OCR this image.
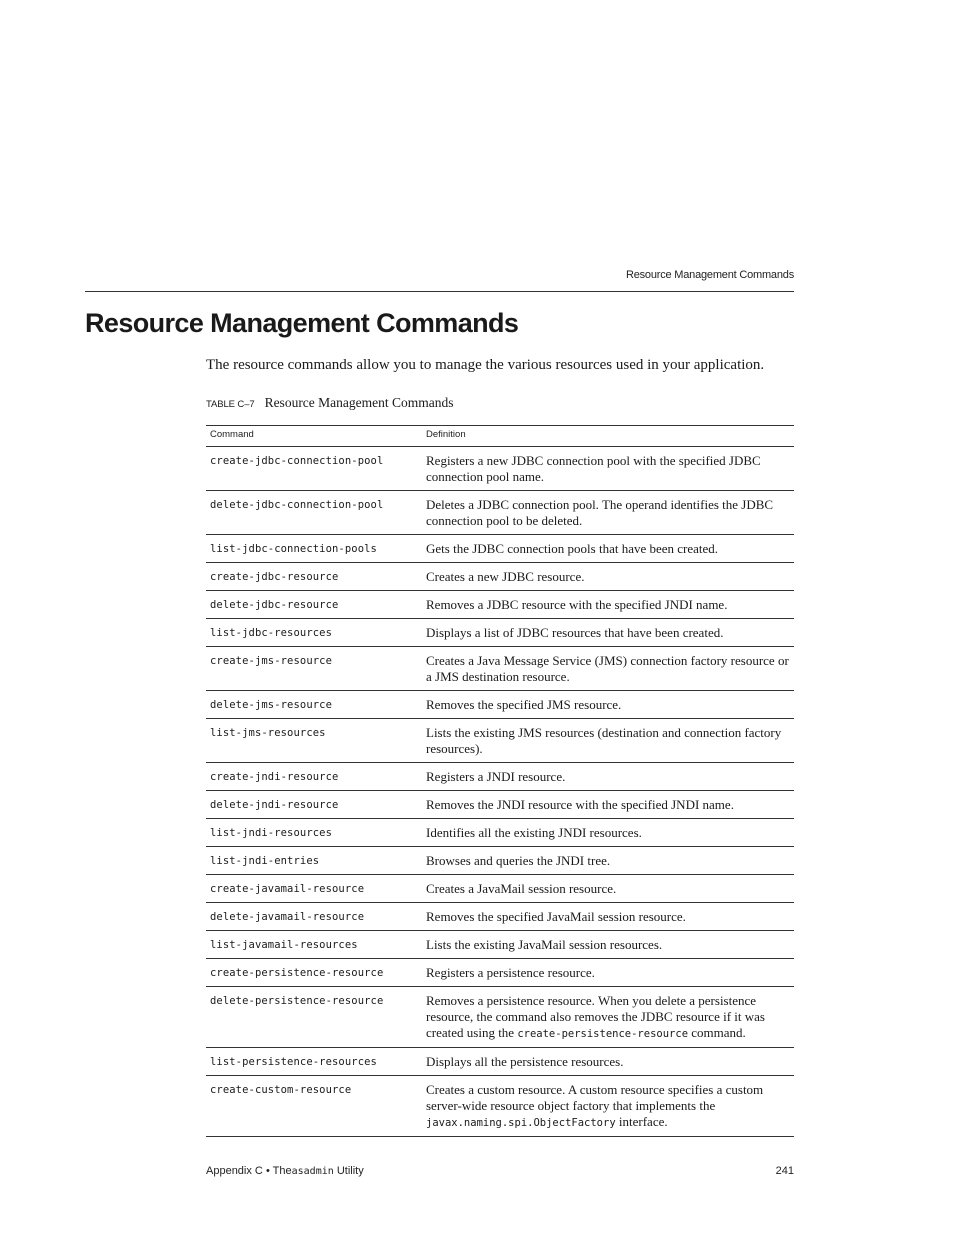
Resource Management Commands
Resource Management Commands

The resource commands allow you to manage the various resources used in your application.

TABLE C–7 Resource Management Commands
Command	Definition
create-jdbc-connection-pool	Registers a new JDBC connection pool with the specified JDBC connection pool name.
delete-jdbc-connection-pool	Deletes a JDBC connection pool. The operand identifies the JDBC connection pool to be deleted.
list-jdbc-connection-pools	Gets the JDBC connection pools that have been created.
create-jdbc-resource	Creates a new JDBC resource.
delete-jdbc-resource	Removes a JDBC resource with the specified JNDI name.
list-jdbc-resources	Displays a list of JDBC resources that have been created.
create-jms-resource	Creates a Java Message Service (JMS) connection factory resource or a JMS destination resource.
delete-jms-resource	Removes the specified JMS resource.
list-jms-resources	Lists the existing JMS resources (destination and connection factory resources).
create-jndi-resource	Registers a JNDI resource.
delete-jndi-resource	Removes the JNDI resource with the specified JNDI name.
list-jndi-resources	Identifies all the existing JNDI resources.
list-jndi-entries	Browses and queries the JNDI tree.
create-javamail-resource	Creates a JavaMail session resource.
delete-javamail-resource	Removes the specified JavaMail session resource.
list-javamail-resources	Lists the existing JavaMail session resources.
create-persistence-resource	Registers a persistence resource.
delete-persistence-resource	Removes a persistence resource. When you delete a persistence resource, the command also removes the JDBC resource if it was created using the create-persistence-resource command.
list-persistence-resources	Displays all the persistence resources.
create-custom-resource	Creates a custom resource. A custom resource specifies a custom server-wide resource object factory that implements the javax.naming.spi.ObjectFactory interface.
Appendix C • Theasadmin Utility	241
